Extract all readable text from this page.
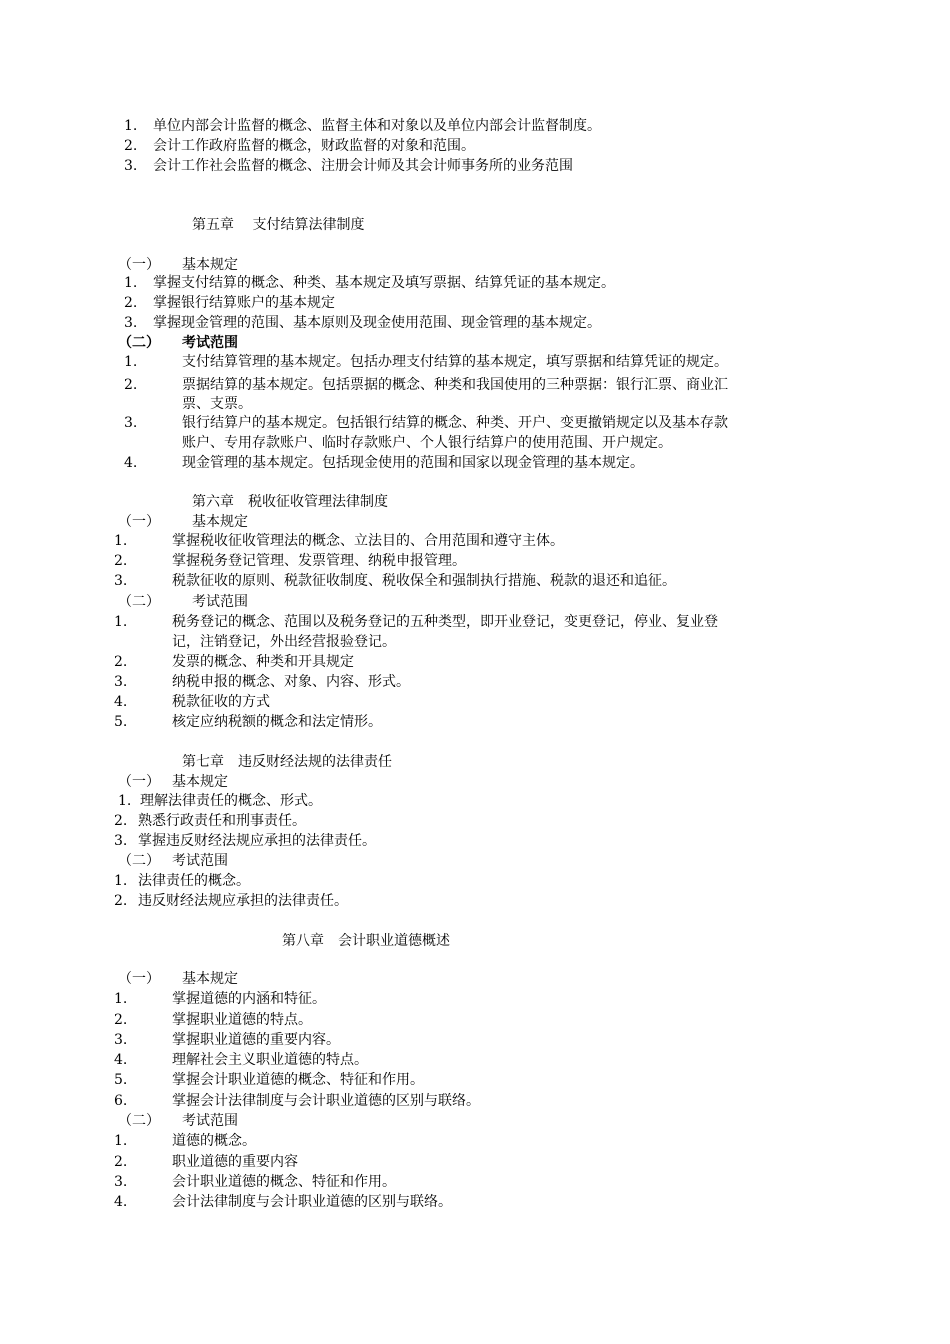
1. 单位内部会计监督的概念、监督主体和对象以及单位内部会计监督制度。
2. 会计工作政府监督的概念，财政监督的对象和范围。
3. 会计工作社会监督的概念、注册会计师及其会计师事务所的业务范围
第五章　 支付结算法律制度
（一） 基本规定
1. 掌握支付结算的概念、种类、基本规定及填写票据、结算凭证的基本规定。
2. 掌握银行结算账户的基本规定
3. 掌握现金管理的范围、基本原则及现金使用范围、现金管理的基本规定。
（二） 考试范围
1.	支付结算管理的基本规定。包括办理支付结算的基本规定，填写票据和结算凭证的规定。
2.	票据结算的基本规定。包括票据的概念、种类和我国使用的三种票据：银行汇票、商业汇
票、支票。
3.	银行结算户的基本规定。包括银行结算的概念、种类、开户、变更撤销规定以及基本存款
账户、专用存款账户、临时存款账户、个人银行结算户的使用范围、开户规定。
4.	现金管理的基本规定。包括现金使用的范围和国家以现金管理的基本规定。
第六章　税收征收管理法律制度
（一） 基本规定
1.	掌握税收征收管理法的概念、立法目的、合用范围和遵守主体。
2.	掌握税务登记管理、发票管理、纳税申报管理。
3.	税款征收的原则、税款征收制度、税收保全和强制执行措施、税款的退还和追征。
（二） 考试范围
1.	税务登记的概念、范围以及税务登记的五种类型，即开业登记，变更登记，停业、复业登
记，注销登记，外出经营报验登记。
2.	发票的概念、种类和开具规定
3.	纳税申报的概念、对象、内容、形式。
4.	税款征收的方式
5.	核定应纳税额的概念和法定情形。
第七章　违反财经法规的法律责任
（一） 基本规定
1. 理解法律责任的概念、形式。
2. 熟悉行政责任和刑事责任。
3. 掌握违反财经法规应承担的法律责任。
（二） 考试范围
1. 法律责任的概念。
2. 违反财经法规应承担的法律责任。
第八章　会计职业道德概述
（一） 基本规定
1.	掌握道德的内涵和特征。
2.	掌握职业道德的特点。
3.	掌握职业道德的重要内容。
4.	理解社会主义职业道德的特点。
5.	掌握会计职业道德的概念、特征和作用。
6.	掌握会计法律制度与会计职业道德的区别与联络。
（二） 考试范围
1.	道德的概念。
2.	职业道德的重要内容
3.	会计职业道德的概念、特征和作用。
4.	会计法律制度与会计职业道德的区别与联络。
